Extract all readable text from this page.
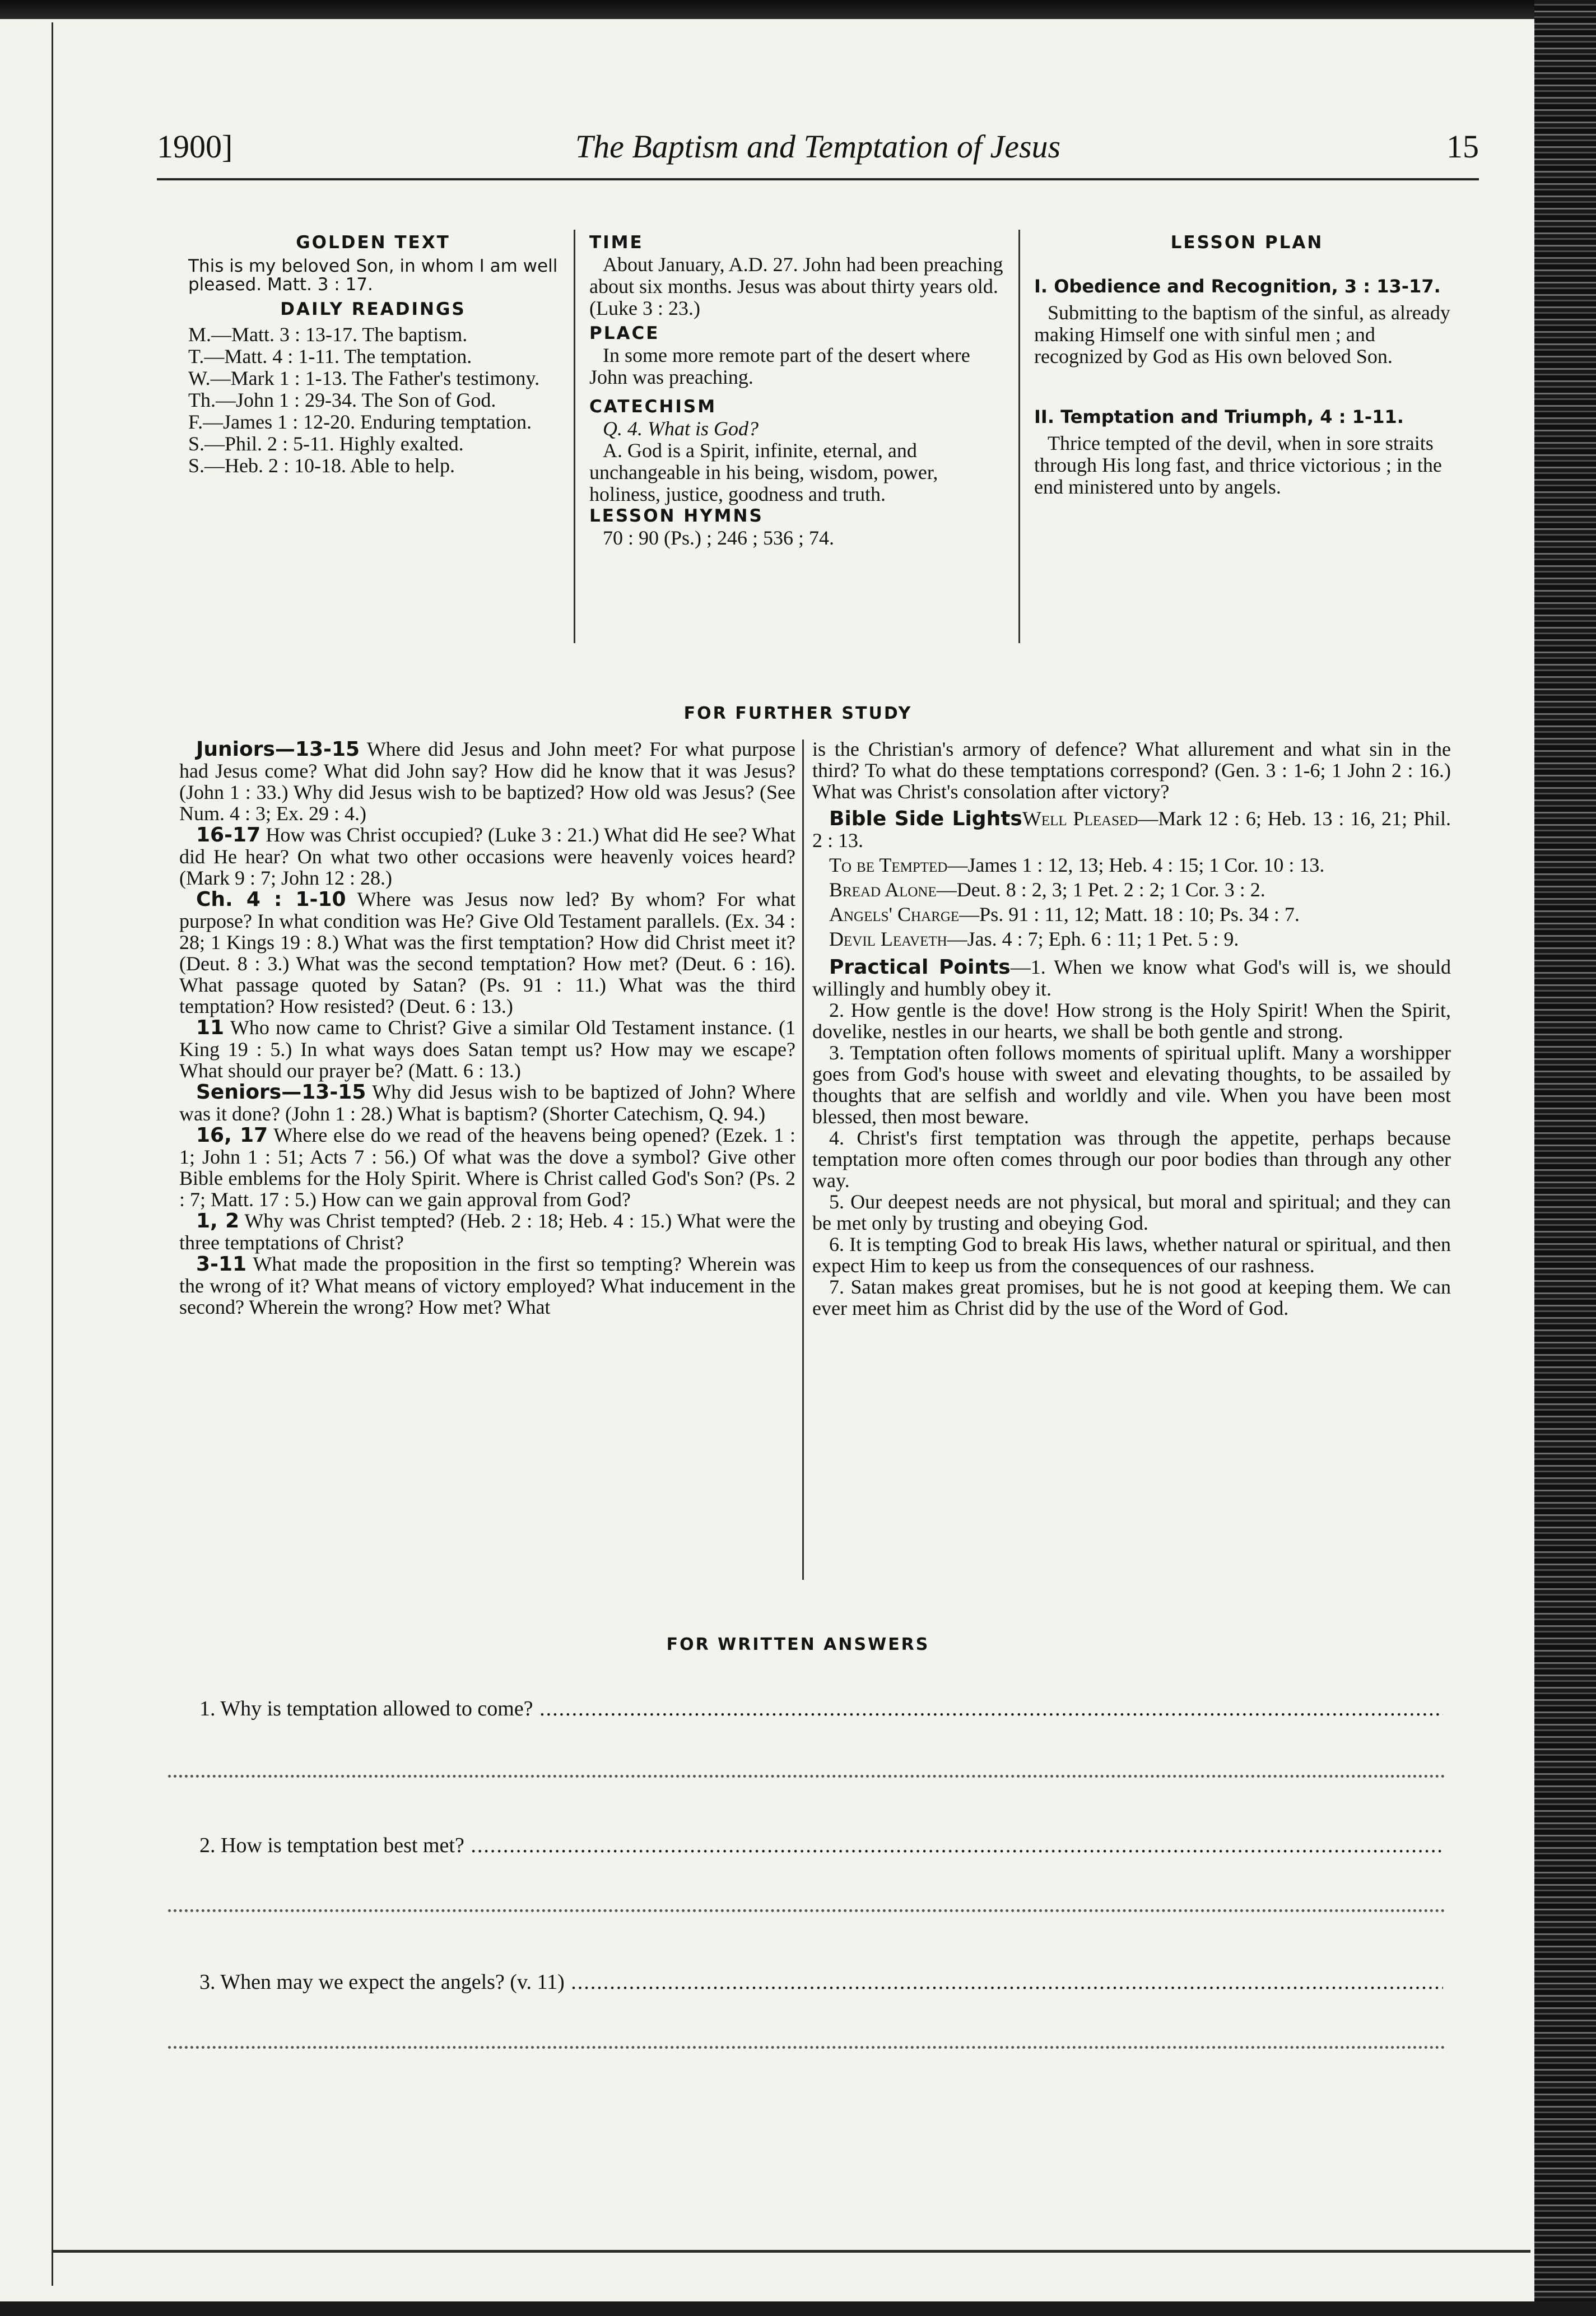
The Baptism and Temptation of Jesus
1900]	15
GOLDEN TEXT
This is my beloved Son, in whom I am well pleased. Matt. 3 : 17.
DAILY READINGS

M.—Matt. 3 : 13-17. The baptism.

T.—Matt. 4 : 1-11. The temptation.

W.—Mark 1 : 1-13. The Father's testimony.

Th.—John 1 : 29-34. The Son of God.

F.—James 1 : 12-20. Enduring temptation.

S.—Phil. 2 : 5-11. Highly exalted.

S.—Heb. 2 : 10-18. Able to help.

TIME
About January, A.D. 27. John had been preaching about six months. Jesus was about thirty years old. (Luke 3 : 23.)
PLACE
In some more remote part of the desert where John was preaching.
CATECHISM
Q. 4. What is God?
A. God is a Spirit, infinite, eternal, and unchangeable in his being, wisdom, power, holiness, justice, goodness and truth.
LESSON HYMNS
70 : 90 (Ps.) ; 246 ; 536 ; 74.
LESSON PLAN
I. Obedience and Recognition, 3 : 13-17.
Submitting to the baptism of the sinful, as already making Himself one with sinful men ; and recognized by God as His own beloved Son.
II. Temptation and Triumph, 4 : 1-11.
Thrice tempted of the devil, when in sore straits through His long fast, and thrice victorious ; in the end ministered unto by angels.
FOR FURTHER STUDY

Juniors—13-15 Where did Jesus and John meet? For what purpose had Jesus come? What did John say? How did he know that it was Jesus? (John 1 : 33.) Why did Jesus wish to be baptized? How old was Jesus? (See Num. 4 : 3; Ex. 29 : 4.)

16-17 How was Christ occupied? (Luke 3 : 21.) What did He see? What did He hear? On what two other occasions were heavenly voices heard? (Mark 9 : 7; John 12 : 28.)

Ch. 4 : 1-10 Where was Jesus now led? By whom? For what purpose? In what condition was He? Give Old Testament parallels. (Ex. 34 : 28; 1 Kings 19 : 8.) What was the first temptation? How did Christ meet it? (Deut. 8 : 3.) What was the second temptation? How met? (Deut. 6 : 16). What passage quoted by Satan? (Ps. 91 : 11.) What was the third temptation? How resisted? (Deut. 6 : 13.)

11 Who now came to Christ? Give a similar Old Testament instance. (1 King 19 : 5.) In what ways does Satan tempt us? How may we escape? What should our prayer be? (Matt. 6 : 13.)

Seniors—13-15 Why did Jesus wish to be baptized of John? Where was it done? (John 1 : 28.) What is baptism? (Shorter Catechism, Q. 94.)

16, 17 Where else do we read of the heavens being opened? (Ezek. 1 : 1; John 1 : 51; Acts 7 : 56.) Of what was the dove a symbol? Give other Bible emblems for the Holy Spirit. Where is Christ called God's Son? (Ps. 2 : 7; Matt. 17 : 5.) How can we gain approval from God?

1, 2 Why was Christ tempted? (Heb. 2 : 18; Heb. 4 : 15.) What were the three temptations of Christ?

3-11 What made the proposition in the first so tempting? Wherein was the wrong of it? What means of victory employed? What inducement in the second? Wherein the wrong? How met? What

is the Christian's armory of defence? What allurement and what sin in the third? To what do these temptations correspond? (Gen. 3 : 1-6; 1 John 2 : 16.) What was Christ's consolation after victory?

Bible Side LightsWell Pleased—Mark 12 : 6; Heb. 13 : 16, 21; Phil. 2 : 13.

To be Tempted—James 1 : 12, 13; Heb. 4 : 15; 1 Cor. 10 : 13.

Bread Alone—Deut. 8 : 2, 3; 1 Pet. 2 : 2; 1 Cor. 3 : 2.

Angels' Charge—Ps. 91 : 11, 12; Matt. 18 : 10; Ps. 34 : 7.

Devil Leaveth—Jas. 4 : 7; Eph. 6 : 11; 1 Pet. 5 : 9.

Practical Points—1. When we know what God's will is, we should willingly and humbly obey it.

2. How gentle is the dove! How strong is the Holy Spirit! When the Spirit, dovelike, nestles in our hearts, we shall be both gentle and strong.

3. Temptation often follows moments of spiritual uplift. Many a worshipper goes from God's house with sweet and elevating thoughts, to be assailed by thoughts that are selfish and worldly and vile. When you have been most blessed, then most beware.

4. Christ's first temptation was through the appetite, perhaps because temptation more often comes through our poor bodies than through any other way.

5. Our deepest needs are not physical, but moral and spiritual; and they can be met only by trusting and obeying God.

6. It is tempting God to break His laws, whether natural or spiritual, and then expect Him to keep us from the consequences of our rashness.

7. Satan makes great promises, but he is not good at keeping them. We can ever meet him as Christ did by the use of the Word of God.

FOR WRITTEN ANSWERS
1. Why is temptation allowed to come? .....
2. How is temptation best met? .....
3. When may we expect the angels? (v. 11) .....
